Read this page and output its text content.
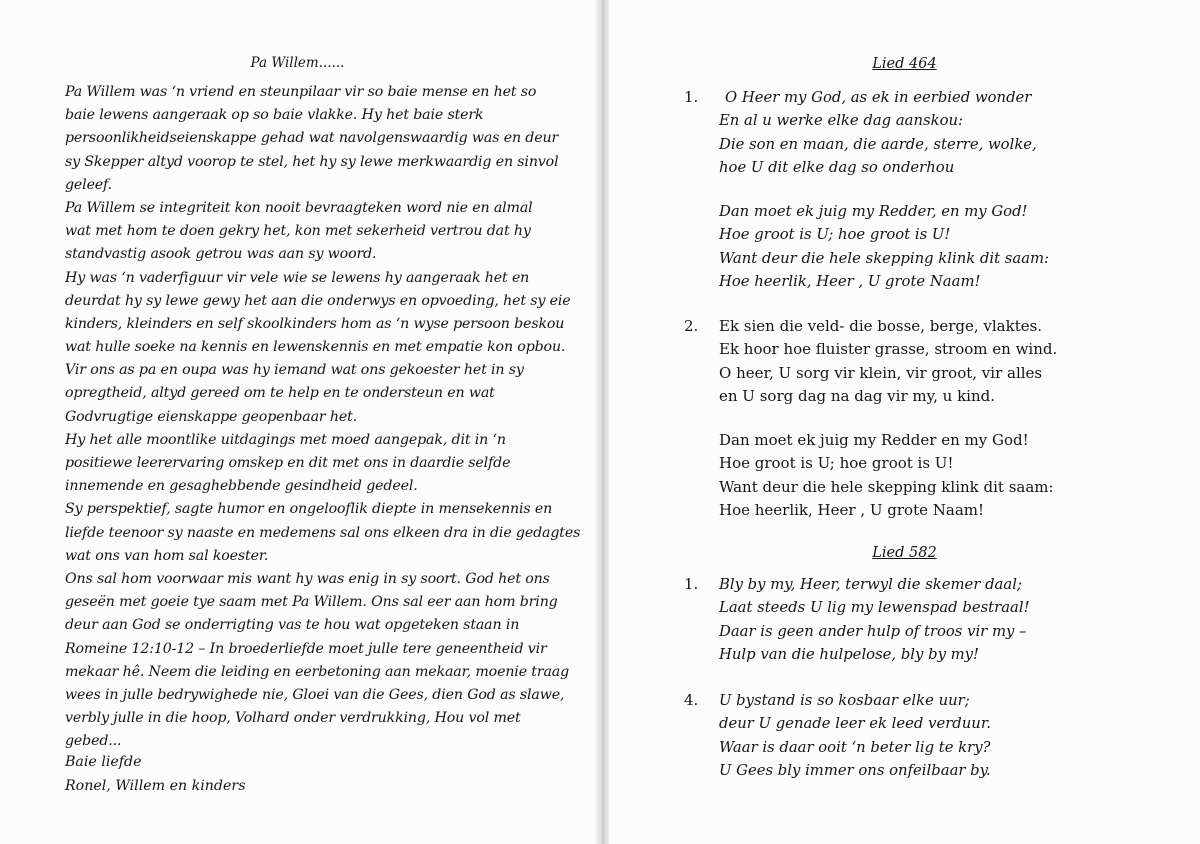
Pa Willem......
Pa Willem was ‘n vriend en steunpilaar vir so baie mense en het so
baie lewens aangeraak op so baie vlakke. Hy het baie sterk
persoonlikheidseienskappe gehad wat navolgenswaardig was en deur
sy Skepper altyd voorop te stel, het hy sy lewe merkwaardig en sinvol
geleef.
Pa Willem se integriteit kon nooit bevraagteken word nie en almal
wat met hom te doen gekry het, kon met sekerheid vertrou dat hy
standvastig asook getrou was aan sy woord.
Hy was ‘n vaderfiguur vir vele wie se lewens hy aangeraak het en
deurdat hy sy lewe gewy het aan die onderwys en opvoeding, het sy eie
kinders, kleinders en self skoolkinders hom as ‘n wyse persoon beskou
wat hulle soeke na kennis en lewenskennis en met empatie kon opbou.
Vir ons as pa en oupa was hy iemand wat ons gekoester het in sy
opregtheid, altyd gereed om te help en te ondersteun en wat
Godvrugtige eienskappe geopenbaar het.
Hy het alle moontlike uitdagings met moed aangepak, dit in ‘n
positiewe leerervaring omskep en dit met ons in daardie selfde
innemende en gesaghebbende gesindheid gedeel.
Sy perspektief, sagte humor en ongelooflik diepte in mensekennis en
liefde teenoor sy naaste en medemens sal ons elkeen dra in die gedagtes
wat ons van hom sal koester.
Ons sal hom voorwaar mis want hy was enig in sy soort. God het ons
geseën met goeie tye saam met Pa Willem. Ons sal eer aan hom bring
deur aan God se onderrigting vas te hou wat opgeteken staan in
Romeine 12:10-12 – In broederliefde moet julle tere geneentheid vir
mekaar hê. Neem die leiding en eerbetoning aan mekaar, moenie traag
wees in julle bedrywighede nie, Gloei van die Gees, dien God as slawe,
verbly julle in die hoop, Volhard onder verdrukking, Hou vol met
gebed...
Baie liefde
Ronel, Willem en kinders
Lied 464
1.	O Heer my God, as ek in eerbied wonder
En al u werke elke dag aanskou:
Die son en maan, die aarde, sterre, wolke,
hoe U dit elke dag so onderhou
Dan moet ek juig my Redder, en my God!
Hoe groot is U; hoe groot is U!
Want deur die hele skepping klink dit saam:
Hoe heerlik, Heer , U grote Naam!
2. Ek sien die veld- die bosse, berge, vlaktes.
Ek hoor hoe fluister grasse, stroom en wind.
O heer, U sorg vir klein, vir groot, vir alles
en U sorg dag na dag vir my, u kind.
Dan moet ek juig my Redder en my God!
Hoe groot is U; hoe groot is U!
Want deur die hele skepping klink dit saam:
Hoe heerlik, Heer , U grote Naam!
Lied 582
1. Bly by my, Heer, terwyl die skemer daal;
Laat steeds U lig my lewenspad bestraal!
Daar is geen ander hulp of troos vir my –
Hulp van die hulpelose, bly by my!
4. U bystand is so kosbaar elke uur;
deur U genade leer ek leed verduur.
Waar is daar ooit ‘n beter lig te kry?
U Gees bly immer ons onfeilbaar by.
